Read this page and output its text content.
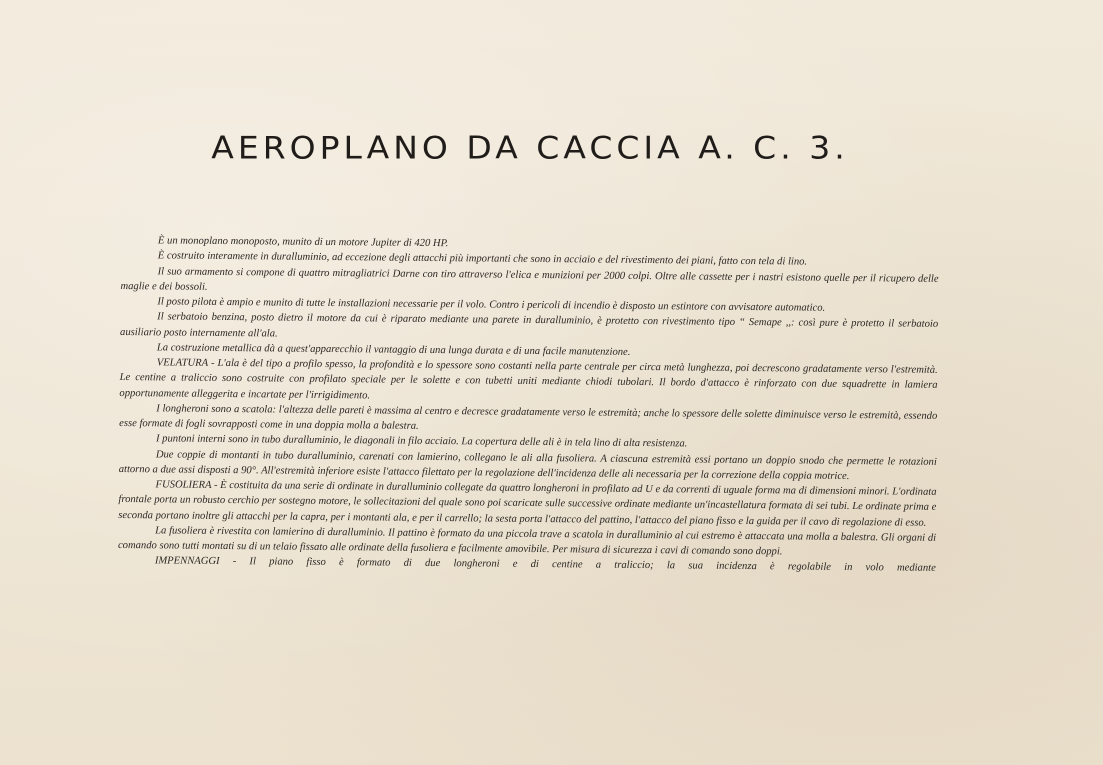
AEROPLANO DA CACCIA A. C. 3.

È un monoplano monoposto, munito di un motore Jupiter di 420 HP.

È costruito interamente in duralluminio, ad eccezione degli attacchi più importanti che sono in acciaio e del rivestimento dei piani, fatto con tela di lino.

Il suo armamento si compone di quattro mitragliatrici Darne con tiro attraverso l'elica e munizioni per 2000 colpi. Oltre alle cassette per i nastri esistono quelle per il ricupero delle maglie e dei bossoli.

Il posto pilota è ampio e munito di tutte le installazioni necessarie per il volo. Contro i pericoli di incendio è disposto un estintore con avvisatore automatico.

Il serbatoio benzina, posto dietro il motore da cui è riparato mediante una parete in duralluminio, è protetto con rivestimento tipo “ Semape ,,: così pure è protetto il serbatoio ausiliario posto internamente all'ala.

La costruzione metallica dà a quest'apparecchio il vantaggio di una lunga durata e di una facile manutenzione.

VELATURA - L'ala è del tipo a profilo spesso, la profondità e lo spessore sono costanti nella parte centrale per circa metà lunghezza, poi decrescono gradatamente verso l'estremità. Le centine a traliccio sono costruite con profilato speciale per le solette e con tubetti uniti mediante chiodi tubolari. Il bordo d'attacco è rinforzato con due squadrette in lamiera opportunamente alleggerita e incartate per l'irrigidimento.

I longheroni sono a scatola: l'altezza delle pareti è massima al centro e decresce gradatamente verso le estremità; anche lo spessore delle solette diminuisce verso le estremità, essendo esse formate di fogli sovrapposti come in una doppia molla a balestra.

I puntoni interni sono in tubo duralluminio, le diagonali in filo acciaio. La copertura delle ali è in tela lino di alta resistenza.

Due coppie di montanti in tubo duralluminio, carenati con lamierino, collegano le ali alla fusoliera. A ciascuna estremità essi portano un doppio snodo che permette le rotazioni attorno a due assi disposti a 90°. All'estremità inferiore esiste l'attacco filettato per la regolazione dell'incidenza delle ali necessaria per la correzione della coppia motrice.

FUSOLIERA - È costituita da una serie di ordinate in duralluminio collegate da quattro longheroni in profilato ad U e da correnti di uguale forma ma di dimensioni minori. L'ordinata frontale porta un robusto cerchio per sostegno motore, le sollecitazioni del quale sono poi scaricate sulle successive ordinate mediante un'incastellatura formata di sei tubi. Le ordinate prima e seconda portano inoltre gli attacchi per la capra, per i montanti ala, e per il carrello; la sesta porta l'attacco del pattino, l'attacco del piano fisso e la guida per il cavo di regolazione di esso.

La fusoliera è rivestita con lamierino di duralluminio. Il pattino è formato da una piccola trave a scatola in duralluminio al cui estremo è attaccata una molla a balestra. Gli organi di comando sono tutti montati su di un telaio fissato alle ordinate della fusoliera e facilmente amovibile. Per misura di sicurezza i cavi di comando sono doppi.

IMPENNAGGI - Il piano fisso è formato di due longheroni e di centine a traliccio; la sua incidenza è regolabile in volo mediante
